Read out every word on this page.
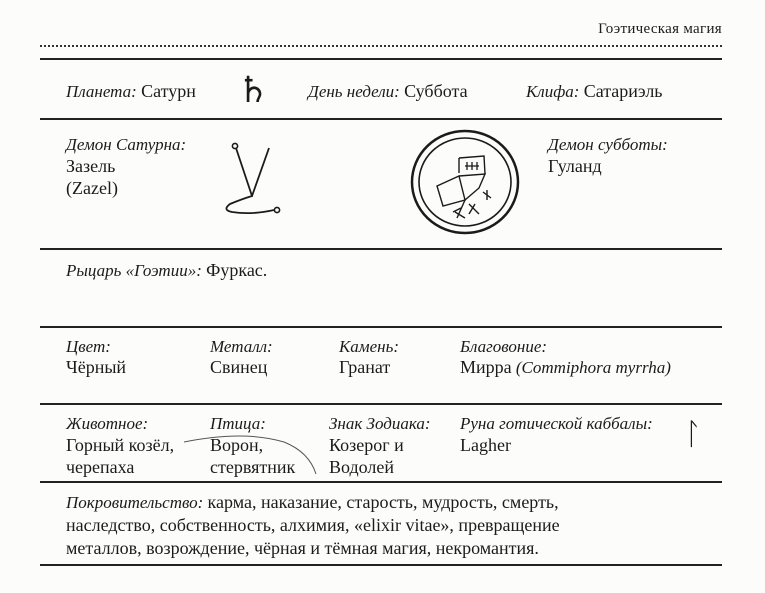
Гоэтическая магия
Планета: Сатурн ♄ День недели: Суббота	Клифа: Сатариэль
Демон Сатурна:
Зазель
(Zazel)
Демон субботы:
Гуланд
Рыцарь «Гоэтии»: Фуркас.
Цвет:
Чёрный
Металл:
Свинец
Камень:
Гранат
Благовоние:
Мирра (Commiphora myrrha)
Животное:
Горный козёл,
черепаха
Птица:
Ворон,
стервятник
Знак Зодиака:
Козерог и
Водолей
Руна готической каббалы:
Lagher	ᛚ
Покровительство: карма, наказание, старость, мудрость, смерть,
наследство, собственность, алхимия, «elixir vitae», превращение
металлов, возрождение, чёрная и тёмная магия, некромантия.
